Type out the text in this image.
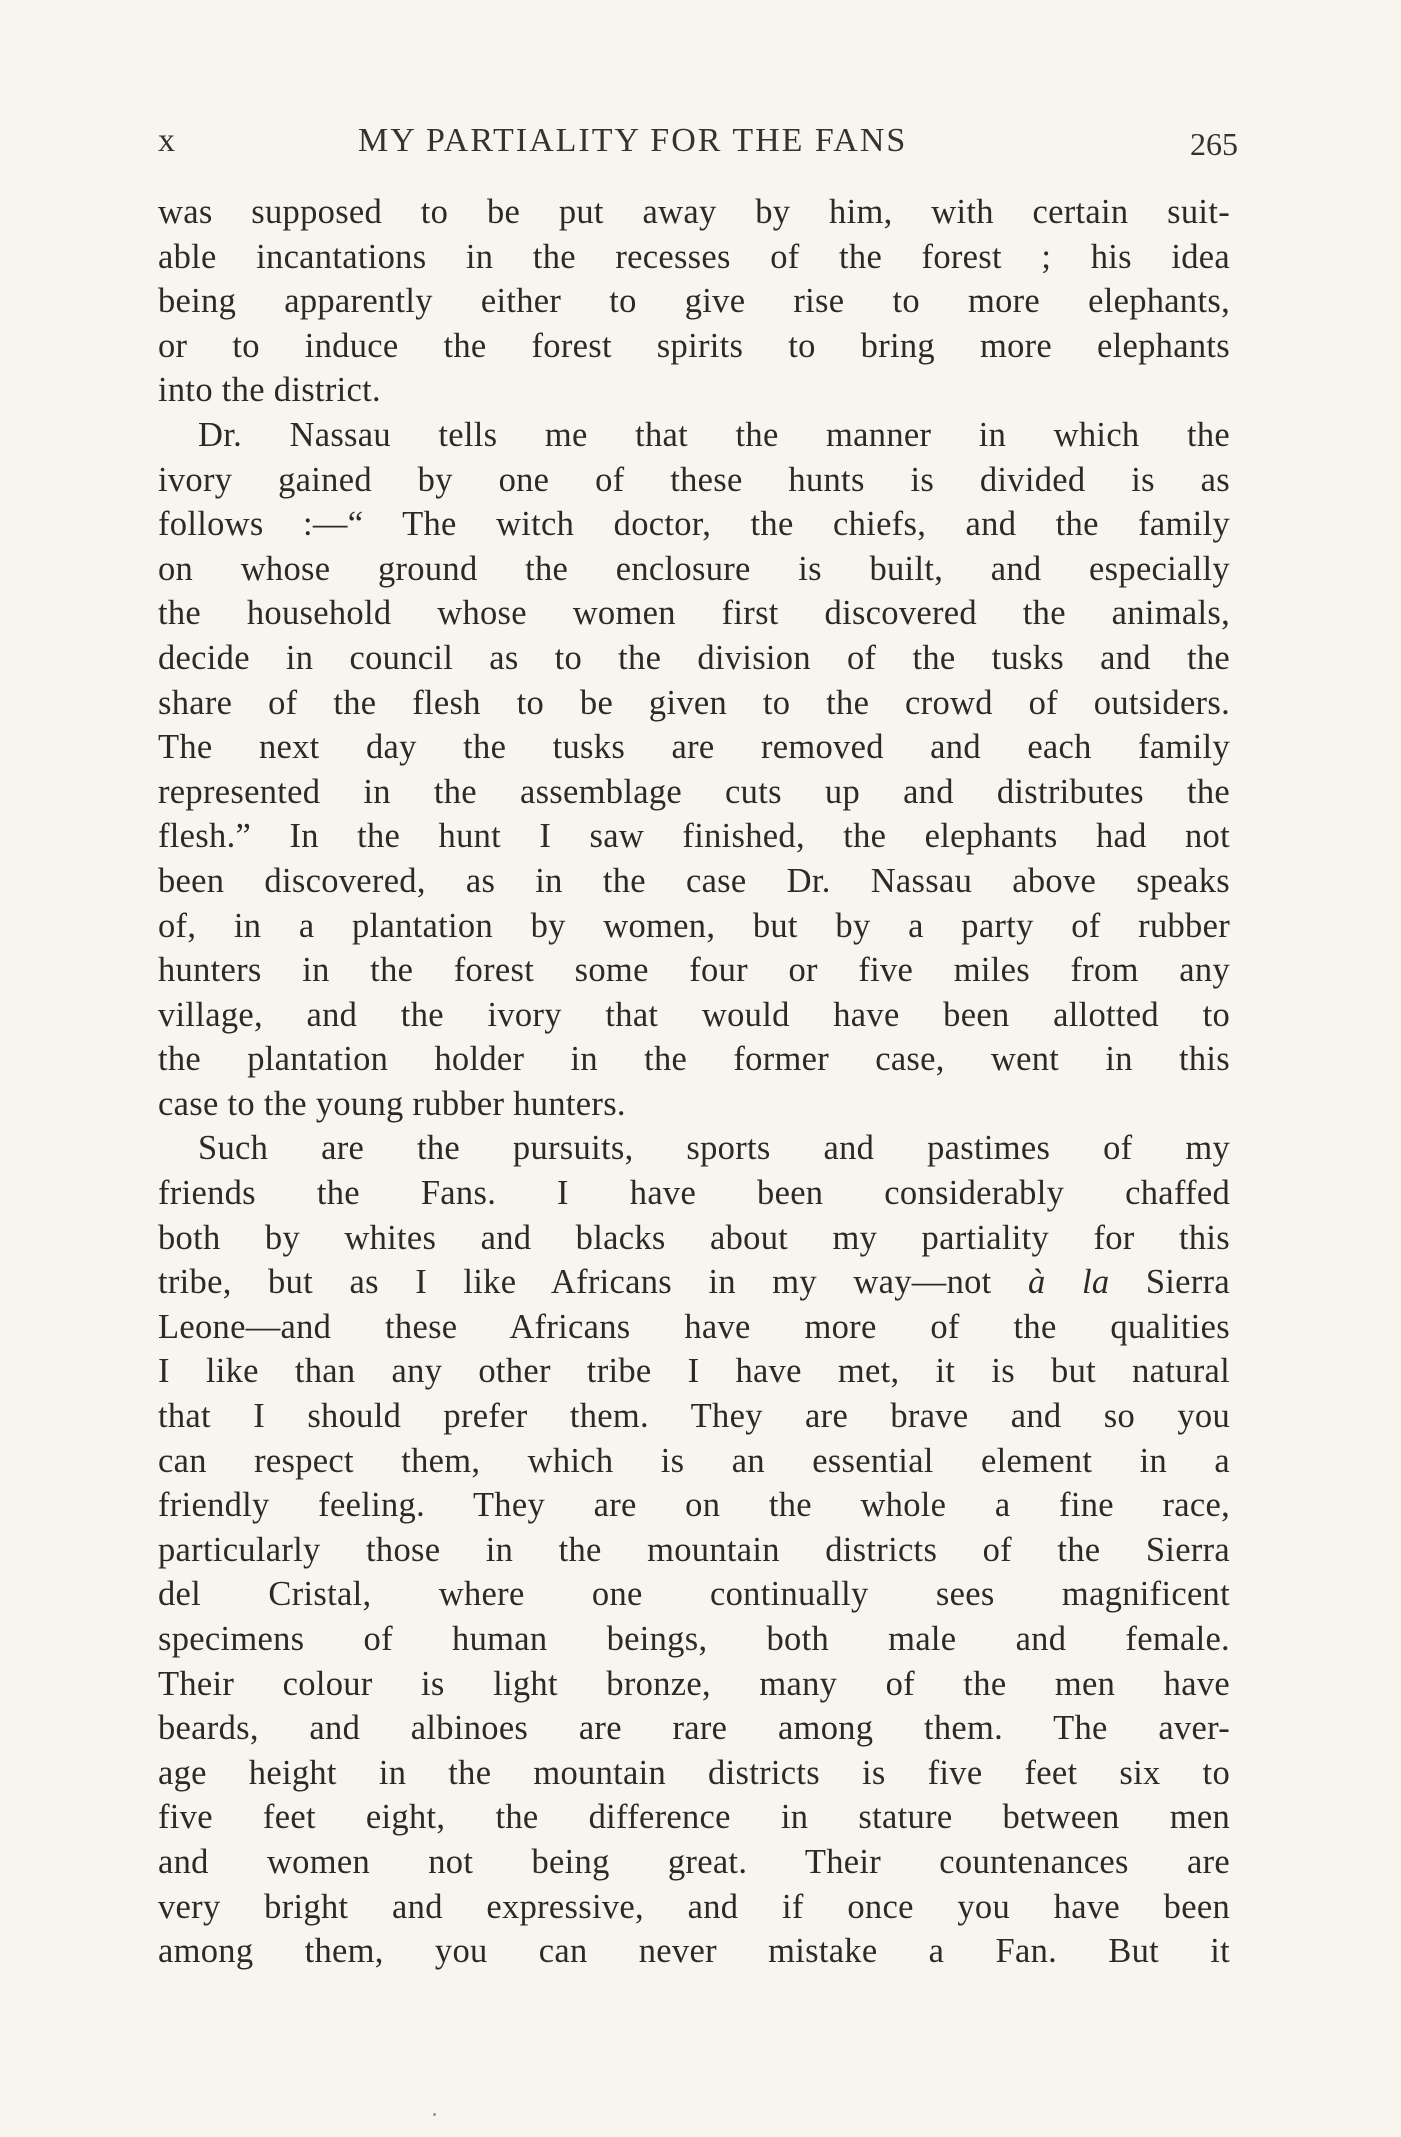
x	MY PARTIALITY FOR THE FANS	265
was supposed to be put away by him, with certain suit-
able incantations in the recesses of the forest ; his idea
being apparently either to give rise to more elephants,
or to induce the forest spirits to bring more elephants
into the district.
Dr. Nassau tells me that the manner in which the
ivory gained by one of these hunts is divided is as
follows :—“ The witch doctor, the chiefs, and the family
on whose ground the enclosure is built, and especially
the household whose women first discovered the animals,
decide in council as to the division of the tusks and the
share of the flesh to be given to the crowd of outsiders.
The next day the tusks are removed and each family
represented in the assemblage cuts up and distributes the
flesh.” In the hunt I saw finished, the elephants had not
been discovered, as in the case Dr. Nassau above speaks
of, in a plantation by women, but by a party of rubber
hunters in the forest some four or five miles from any
village, and the ivory that would have been allotted to
the plantation holder in the former case, went in this
case to the young rubber hunters.
Such are the pursuits, sports and pastimes of my
friends the Fans. I have been considerably chaffed
both by whites and blacks about my partiality for this
tribe, but as I like Africans in my way—not à la Sierra
Leone—and these Africans have more of the qualities
I like than any other tribe I have met, it is but natural
that I should prefer them. They are brave and so you
can respect them, which is an essential element in a
friendly feeling. They are on the whole a fine race,
particularly those in the mountain districts of the Sierra
del Cristal, where one continually sees magnificent
specimens of human beings, both male and female.
Their colour is light bronze, many of the men have
beards, and albinoes are rare among them. The aver-
age height in the mountain districts is five feet six to
five feet eight, the difference in stature between men
and women not being great. Their countenances are
very bright and expressive, and if once you have been
among them, you can never mistake a Fan. But it
